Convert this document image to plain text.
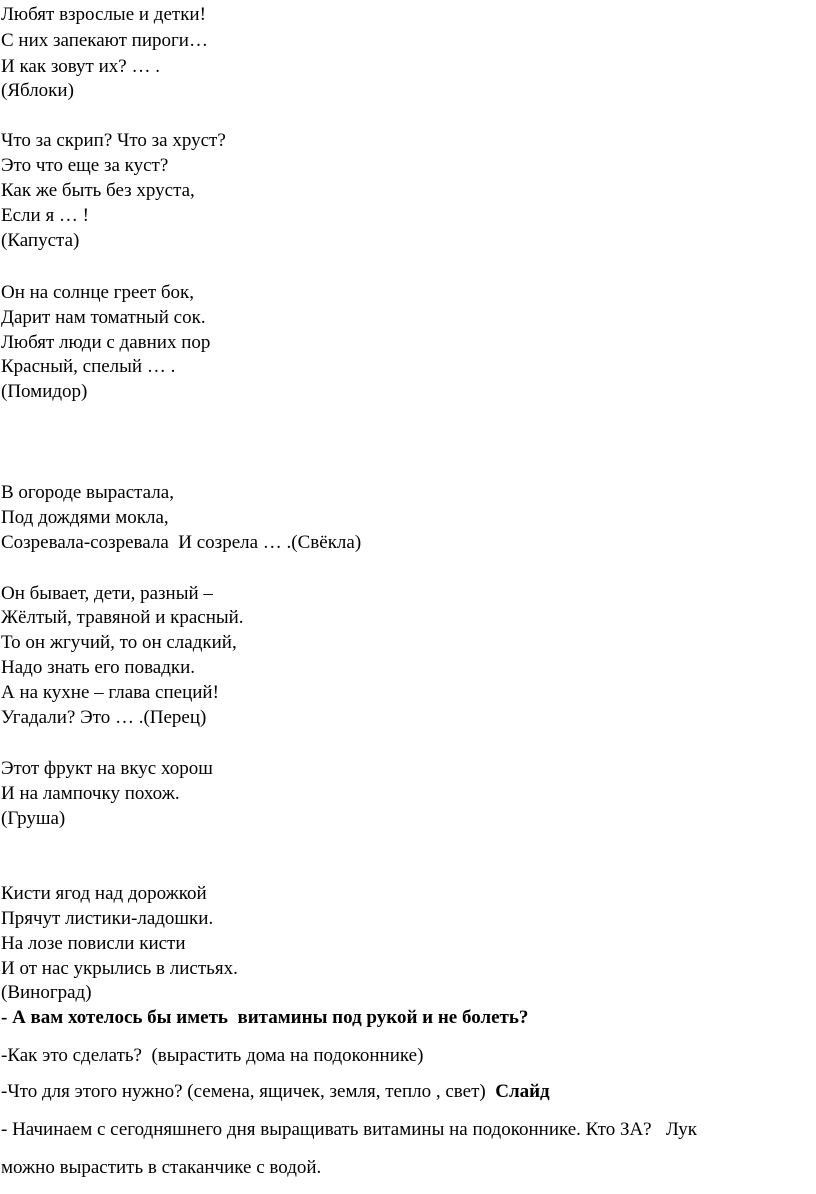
Любят взрослые и детки!
С них запекают пироги…
И как зовут их? … .
(Яблоки)
Что за скрип? Что за хруст?
Это что еще за куст?
Как же быть без хруста,
Если я … !
(Капуста)
Он на солнце греет бок,
Дарит нам томатный сок.
Любят люди с давних пор
Красный, спелый … .
(Помидор)
В огороде вырастала,
Под дождями мокла,
Созревала-созревала  И созрела … .(Свёкла)
Он бывает, дети, разный –
Жёлтый, травяной и красный.
То он жгучий, то он сладкий,
Надо знать его повадки.
А на кухне – глава специй!
Угадали? Это … .(Перец)
Этот фрукт на вкус хорош
И на лампочку похож.
(Груша)
Кисти ягод над дорожкой
Прячут листики-ладошки.
На лозе повисли кисти
И от нас укрылись в листьях.
(Виноград)
- А вам хотелось бы иметь  витамины под рукой и не болеть?
-Как это сделать?  (вырастить дома на подоконнике)
-Что для этого нужно? (семена, ящичек, земля, тепло , свет)  Слайд
- Начинаем с сегодняшнего дня выращивать витамины на подоконнике. Кто ЗА?   Лук
можно вырастить в стаканчике с водой.
